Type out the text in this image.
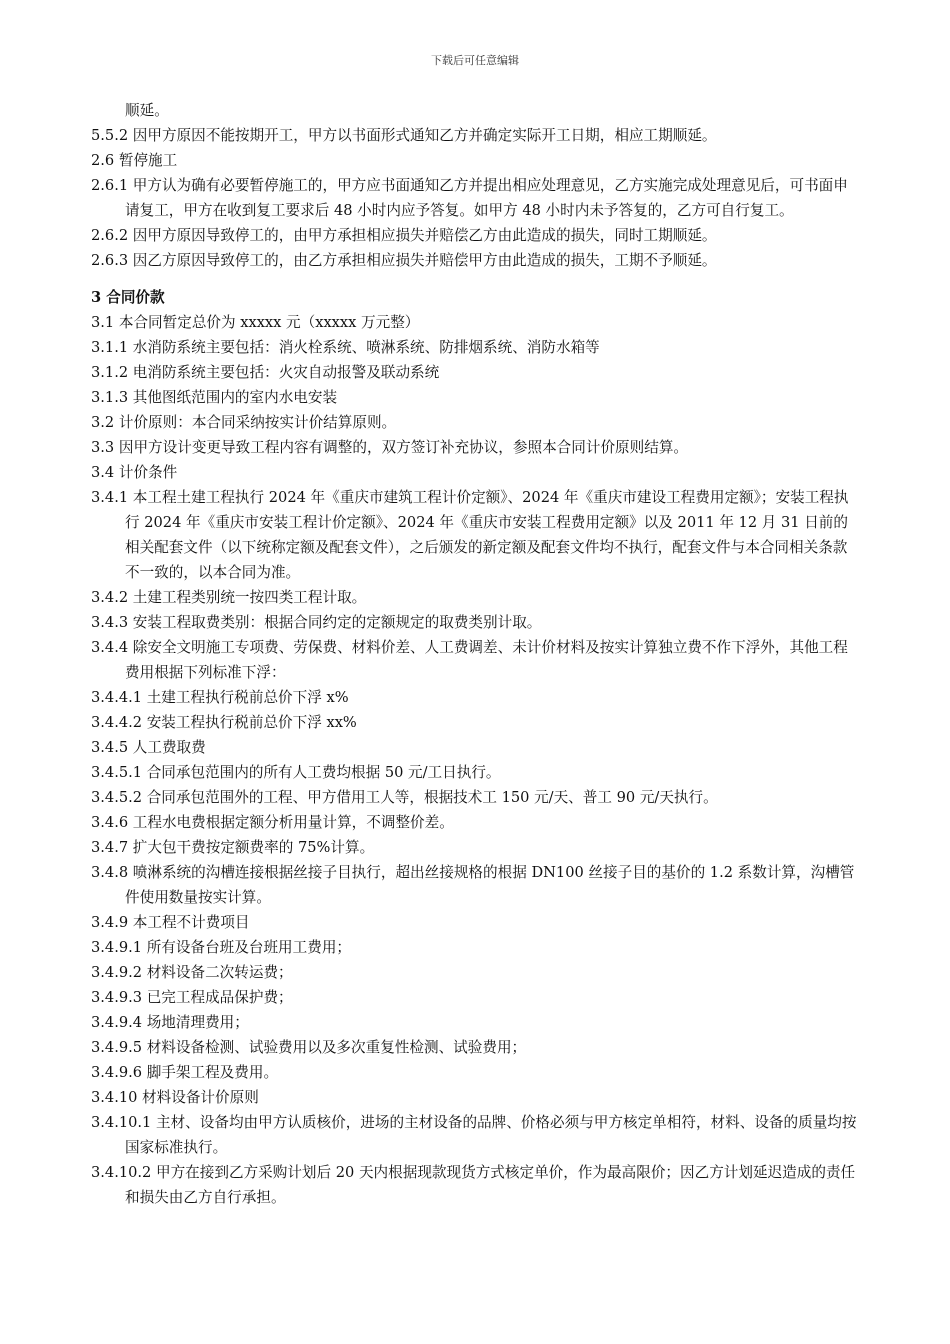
下载后可任意编辑

顺延。

5.5.2 因甲方原因不能按期开工，甲方以书面形式通知乙方并确定实际开工日期，相应工期顺延。

2.6 暂停施工

2.6.1 甲方认为确有必要暂停施工的，甲方应书面通知乙方并提出相应处理意见，乙方实施完成处理意见后，可书面申请复工，甲方在收到复工要求后 48 小时内应予答复。如甲方 48 小时内未予答复的，乙方可自行复工。

2.6.2 因甲方原因导致停工的，由甲方承担相应损失并赔偿乙方由此造成的损失，同时工期顺延。

2.6.3 因乙方原因导致停工的，由乙方承担相应损失并赔偿甲方由此造成的损失，工期不予顺延。

3 合同价款

3.1 本合同暂定总价为 xxxxx 元（xxxxx 万元整）

3.1.1 水消防系统主要包括：消火栓系统、喷淋系统、防排烟系统、消防水箱等

3.1.2 电消防系统主要包括：火灾自动报警及联动系统

3.1.3 其他图纸范围内的室内水电安装

3.2 计价原则：本合同采纳按实计价结算原则。

3.3 因甲方设计变更导致工程内容有调整的，双方签订补充协议，参照本合同计价原则结算。

3.4 计价条件

3.4.1 本工程土建工程执行 2024 年《重庆市建筑工程计价定额》、2024 年《重庆市建设工程费用定额》；安装工程执行 2024 年《重庆市安装工程计价定额》、2024 年《重庆市安装工程费用定额》以及 2011 年 12 月 31 日前的相关配套文件（以下统称定额及配套文件），之后颁发的新定额及配套文件均不执行，配套文件与本合同相关条款不一致的，以本合同为准。

3.4.2 土建工程类别统一按四类工程计取。

3.4.3 安装工程取费类别：根据合同约定的定额规定的取费类别计取。

3.4.4 除安全文明施工专项费、劳保费、材料价差、人工费调差、未计价材料及按实计算独立费不作下浮外，其他工程费用根据下列标准下浮：

3.4.4.1 土建工程执行税前总价下浮 x%

3.4.4.2 安装工程执行税前总价下浮 xx%

3.4.5 人工费取费

3.4.5.1 合同承包范围内的所有人工费均根据 50 元/工日执行。

3.4.5.2 合同承包范围外的工程、甲方借用工人等，根据技术工 150 元/天、普工 90 元/天执行。

3.4.6 工程水电费根据定额分析用量计算，不调整价差。

3.4.7 扩大包干费按定额费率的 75%计算。

3.4.8 喷淋系统的沟槽连接根据丝接子目执行，超出丝接规格的根据 DN100 丝接子目的基价的 1.2 系数计算，沟槽管件使用数量按实计算。

3.4.9 本工程不计费项目

3.4.9.1 所有设备台班及台班用工费用；

3.4.9.2 材料设备二次转运费；

3.4.9.3 已完工程成品保护费；

3.4.9.4 场地清理费用；

3.4.9.5 材料设备检测、试验费用以及多次重复性检测、试验费用；

3.4.9.6 脚手架工程及费用。

3.4.10 材料设备计价原则

3.4.10.1 主材、设备均由甲方认质核价，进场的主材设备的品牌、价格必须与甲方核定单相符，材料、设备的质量均按国家标准执行。

3.4.10.2 甲方在接到乙方采购计划后 20 天内根据现款现货方式核定单价，作为最高限价；因乙方计划延迟造成的责任和损失由乙方自行承担。
